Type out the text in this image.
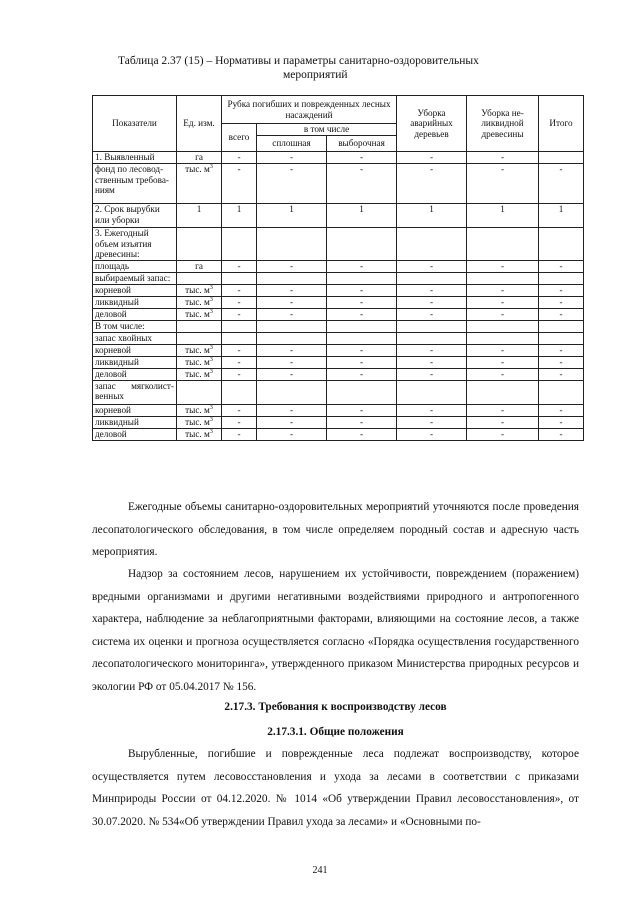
Таблица 2.37 (15) – Нормативы и параметры санитарно-оздоровительных
мероприятий
Показатели	Ед. изм.	Рубка погибших и поврежденных лесных насаждений			Уборка аварийных деревьев	Уборка не-ликвидной древесины	Итого
		всего	в том числе				
			сплошная	выборочная			
1. Выявленный	га	-	-	-	-	-	
фонд по лесовод-ственным требова-ниям	тыс. $м^3$	-	-	-	-	-	-
2. Срок вырубки или уборки	1	1	1	1	1	1	1
3. Ежегодный объем изъятия древесины:							
площадь	га	-	-	-	-	-	-
выбираемый запас:							
корневой	тыс. $м^3$	-	-	-	-	-	-
ликвидный	тыс. $м^3$	-	-	-	-	-	-
деловой	тыс. $м^3$	-	-	-	-	-	-
В том числе:							
запас хвойных							
корневой	тыс. $м^3$	-	-	-	-	-	-
ликвидный	тыс. $м^3$	-	-	-	-	-	-
деловой	тыс. $м^3$	-	-	-	-	-	-
запас мягколист-венных							
корневой	тыс. $м^3$	-	-	-	-	-	-
ликвидный	тыс. $м^3$	-	-	-	-	-	-
деловой	тыс. $м^3$	-	-	-	-	-	-

Ежегодные объемы санитарно-оздоровительных мероприятий уточняются после проведения лесопатологического обследования, в том числе определяем породный состав и адресную часть мероприятия.

Надзор за состоянием лесов, нарушением их устойчивости, повреждением (поражением) вредными организмами и другими негативными воздействиями природного и антропогенного характера, наблюдение за неблагоприятными факторами, влияющими на состояние лесов, а также система их оценки и прогноза осуществляется согласно «Порядка осуществления государственного лесопатологического мониторинга», утвержденного приказом Министерства природных ресурсов и экологии РФ от 05.04.2017 № 156.

2.17.3. Требования к воспроизводству лесов
2.17.3.1. Общие положения

Вырубленные, погибшие и поврежденные леса подлежат воспроизводству, которое осуществляется путем лесовосстановления и ухода за лесами в соответствии с приказами Минприроды России от 04.12.2020. № 1014 «Об утверждении Правил лесовосстановления», от 30.07.2020. № 534«Об утверждении Правил ухода за лесами» и «Основными по-

241
